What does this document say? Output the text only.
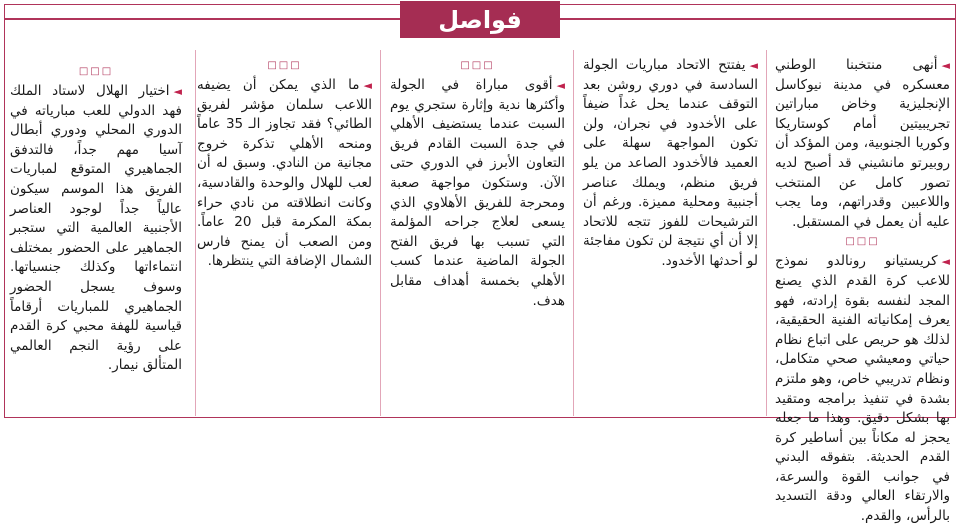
فواصل

◄أنهى منتخبنا الوطني معسكره في مدينة نيوكاسل الإنجليزية وخاض مباراتين تجريبيتين أمام كوستاريكا وكوريا الجنوبية، ومن المؤكد أن روبيرتو مانشيني قد أصبح لديه تصور كامل عن المنتخب واللاعبين وقدراتهم، وما يجب عليه أن يعمل في المستقبل.

□□□

◄كريستيانو رونالدو نموذج للاعب كرة القدم الذي يصنع المجد لنفسه بقوة إرادته، فهو يعرف إمكانياته الفنية الحقيقية، لذلك هو حريص على اتباع نظام حياتي ومعيشي صحي متكامل، ونظام تدريبي خاص، وهو ملتزم بشدة في تنفيذ برامجه ومتقيد بها بشكل دقيق. وهذا ما جعله يحجز له مكاناً بين أساطير كرة القدم الحديثة. بتفوقه البدني في جوانب القوة والسرعة، والارتقاء العالي ودقة التسديد بالرأس، والقدم.

◄يفتتح الاتحاد مباريات الجولة السادسة في دوري روشن بعد التوقف عندما يحل غداً ضيفاً على الأخدود في نجران، ولن تكون المواجهة سهلة على العميد فالأخدود الصاعد من يلو فريق منظم، ويملك عناصر أجنبية ومحلية مميزة. ورغم أن الترشيحات للفوز تتجه للاتحاد إلا أن أي نتيجة لن تكون مفاجئة لو أحدثها الأخدود.

□□□

◄أقوى مباراة في الجولة وأكثرها ندية وإثارة ستجري يوم السبت عندما يستضيف الأهلي في جدة السبت القادم فريق التعاون الأبرز في الدوري حتى الآن. وستكون مواجهة صعبة ومحرجة للفريق الأهلاوي الذي يسعى لعلاج جراحه المؤلمة التي تسبب بها فريق الفتح الجولة الماضية عندما كسب الأهلي بخمسة أهداف مقابل هدف.

□□□

◄ما الذي يمكن أن يضيفه اللاعب سلمان مؤشر لفريق الطائي؟ فقد تجاوز الـ 35 عاماً ومنحه الأهلي تذكرة خروج مجانية من النادي. وسبق له أن لعب للهلال والوحدة والقادسية، وكانت انطلاقته من نادي حراء بمكة المكرمة قبل 20 عاماً. ومن الصعب أن يمنح فارس الشمال الإضافة التي ينتظرها.

□□□

◄اختيار الهلال لاستاد الملك فهد الدولي للعب مبارياته في الدوري المحلي ودوري أبطال آسيا مهم جداً، فالتدفق الجماهيري المتوقع لمباريات الفريق هذا الموسم سيكون عالياً جداً لوجود العناصر الأجنبية العالمية التي ستجبر الجماهير على الحضور بمختلف انتماءاتها وكذلك جنسياتها. وسوف يسجل الحضور الجماهيري للمباريات أرقاماً قياسية للهفة محبي كرة القدم على رؤية النجم العالمي المتألق نيمار.
